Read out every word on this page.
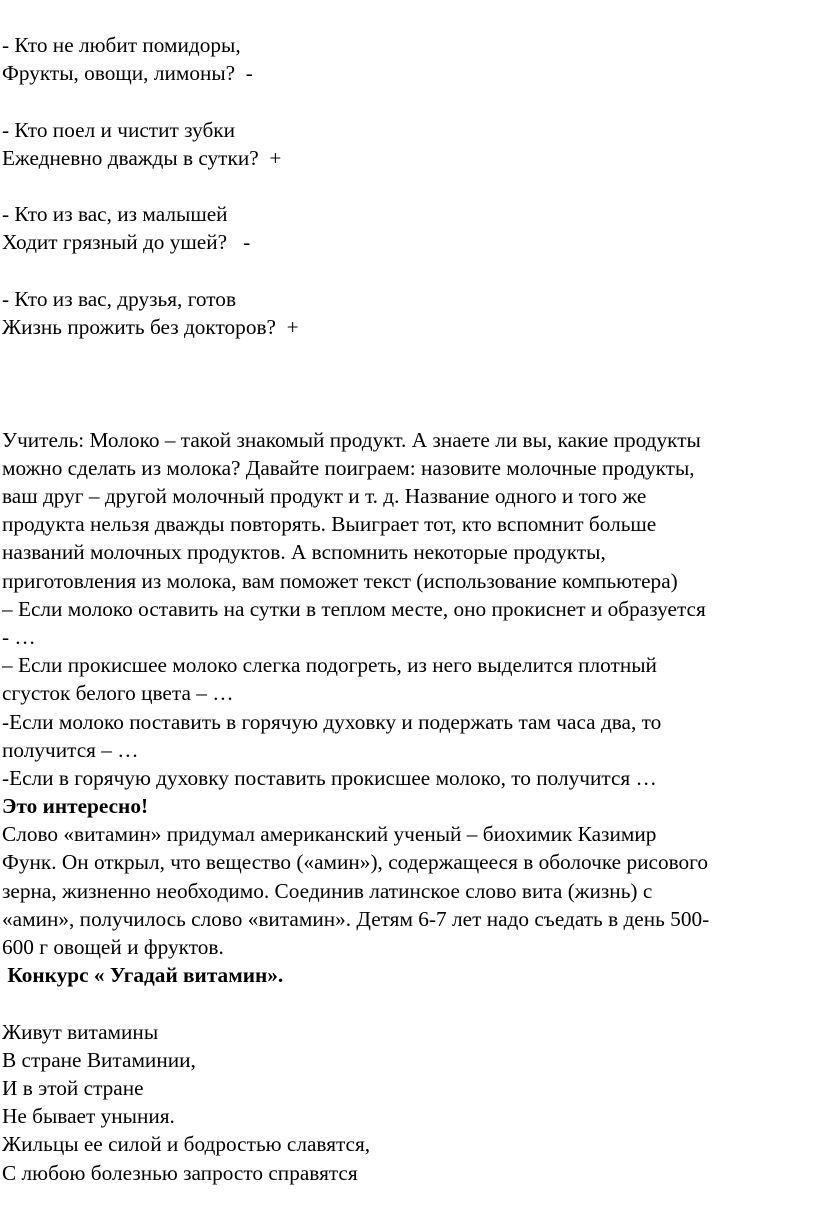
- Кто не любит помидоры,
Фрукты, овощи, лимоны?  -
- Кто поел и чистит зубки
Ежедневно дважды в сутки?  +
- Кто из вас, из малышей
Ходит грязный до ушей?   -
- Кто из вас, друзья, готов
Жизнь прожить без докторов?  +
Учитель: Молоко – такой знакомый продукт. А знаете ли вы, какие продукты
можно сделать из молока? Давайте поиграем: назовите молочные продукты,
ваш друг – другой молочный продукт и т. д. Название одного и того же
продукта нельзя дважды повторять. Выиграет тот, кто вспомнит больше
названий молочных продуктов. А вспомнить некоторые продукты,
приготовления из молока, вам поможет текст (использование компьютера)
– Если молоко оставить на сутки в теплом месте, оно прокиснет и образуется
- …
– Если прокисшее молоко слегка подогреть, из него выделится плотный
сгусток белого цвета – …
-Если молоко поставить в горячую духовку и подержать там часа два, то
получится – …
-Если в горячую духовку поставить прокисшее молоко, то получится …
Это интересно!
Слово «витамин» придумал американский ученый – биохимик Казимир
Функ. Он открыл, что вещество («амин»), содержащееся в оболочке рисового
зерна, жизненно необходимо. Соединив латинское слово вита (жизнь) с
«амин», получилось слово «витамин». Детям 6-7 лет надо съедать в день 500-
600 г овощей и фруктов.
Конкурс « Угадай витамин».
Живут витамины
В стране Витаминии,
И в этой стране
Не бывает уныния.
Жильцы ее силой и бодростью славятся,
С любою болезнью запросто справятся
